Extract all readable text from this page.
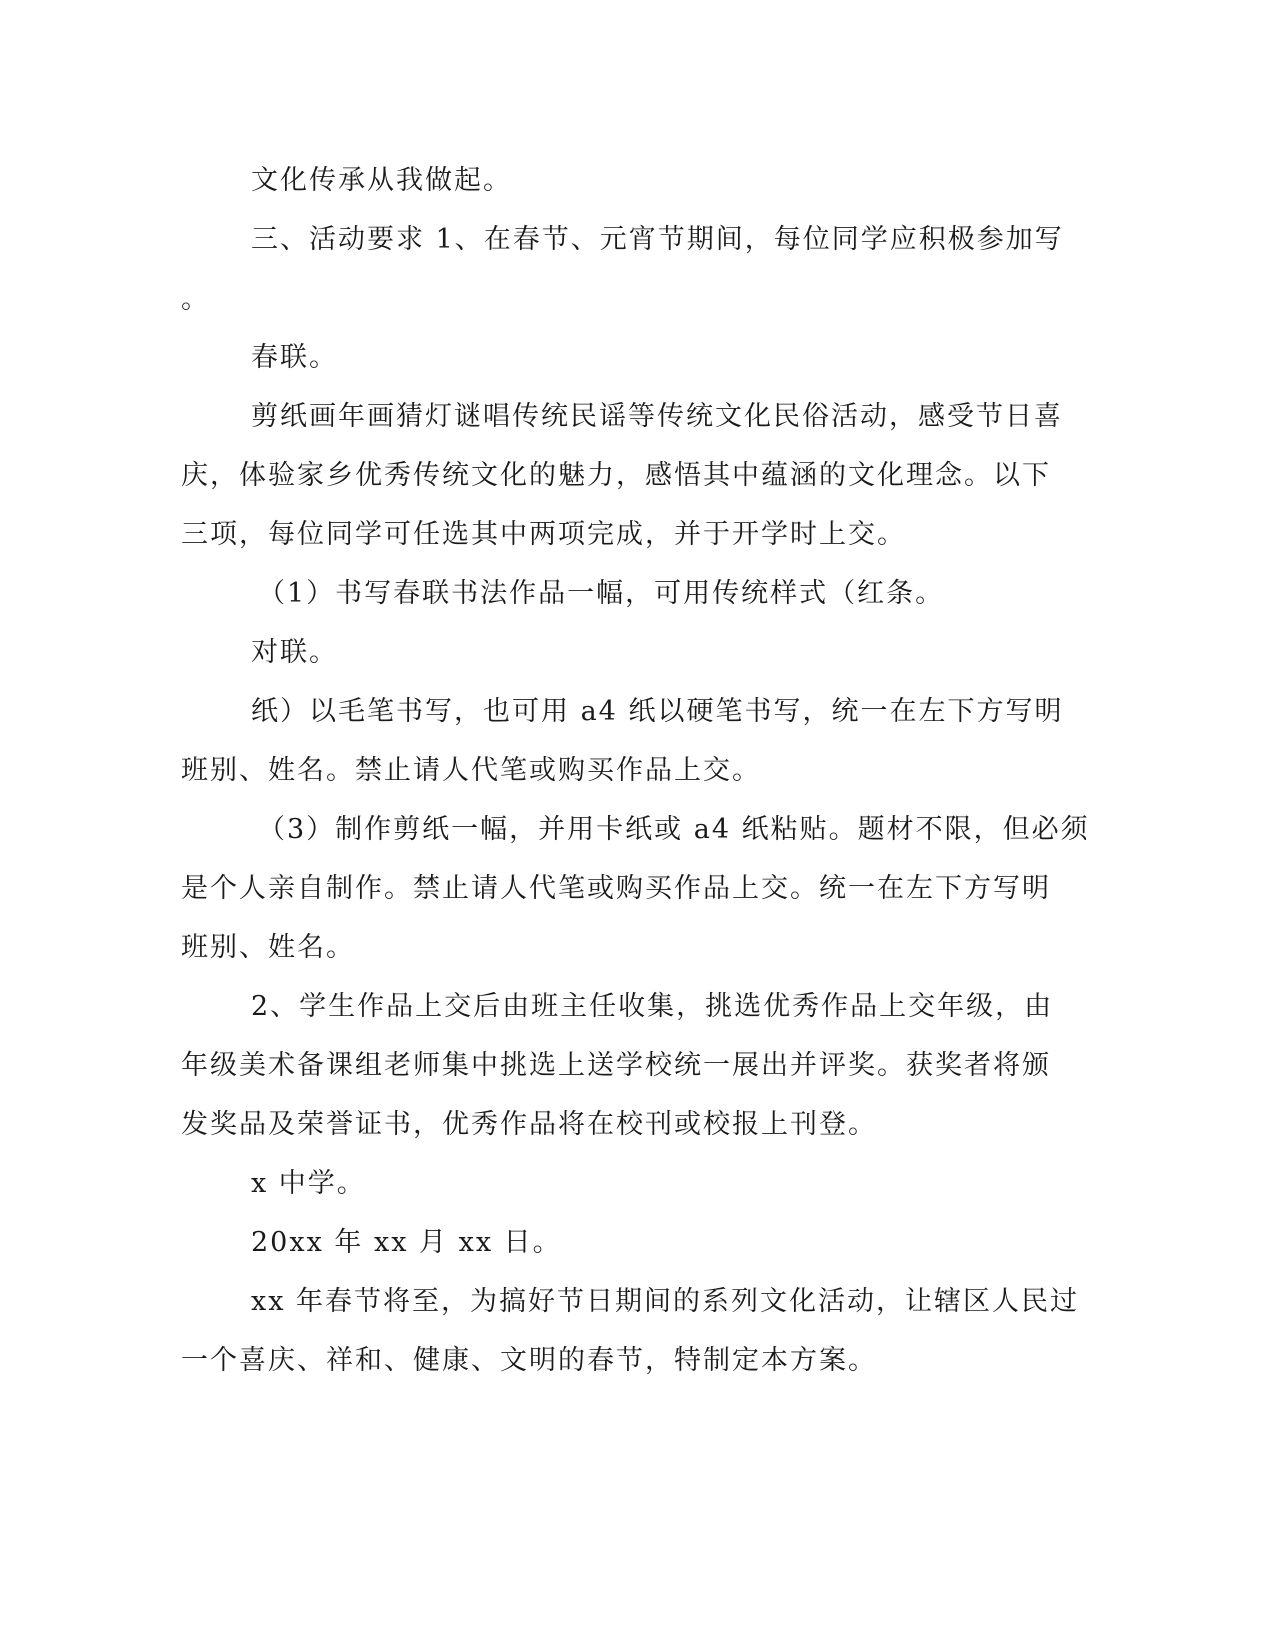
文化传承从我做起。
三、活动要求 1、在春节、元宵节期间，每位同学应积极参加写
。
春联。
剪纸画年画猜灯谜唱传统民谣等传统文化民俗活动，感受节日喜
庆，体验家乡优秀传统文化的魅力，感悟其中蕴涵的文化理念。以下
三项，每位同学可任选其中两项完成，并于开学时上交。
（1）书写春联书法作品一幅，可用传统样式（红条。
对联。
纸）以毛笔书写，也可用 a4 纸以硬笔书写，统一在左下方写明
班别、姓名。禁止请人代笔或购买作品上交。
（3）制作剪纸一幅，并用卡纸或 a4 纸粘贴。题材不限，但必须
是个人亲自制作。禁止请人代笔或购买作品上交。统一在左下方写明
班别、姓名。
2、学生作品上交后由班主任收集，挑选优秀作品上交年级，由
年级美术备课组老师集中挑选上送学校统一展出并评奖。获奖者将颁
发奖品及荣誉证书，优秀作品将在校刊或校报上刊登。
x 中学。
20xx 年 xx 月 xx 日。
xx 年春节将至，为搞好节日期间的系列文化活动，让辖区人民过
一个喜庆、祥和、健康、文明的春节，特制定本方案。
